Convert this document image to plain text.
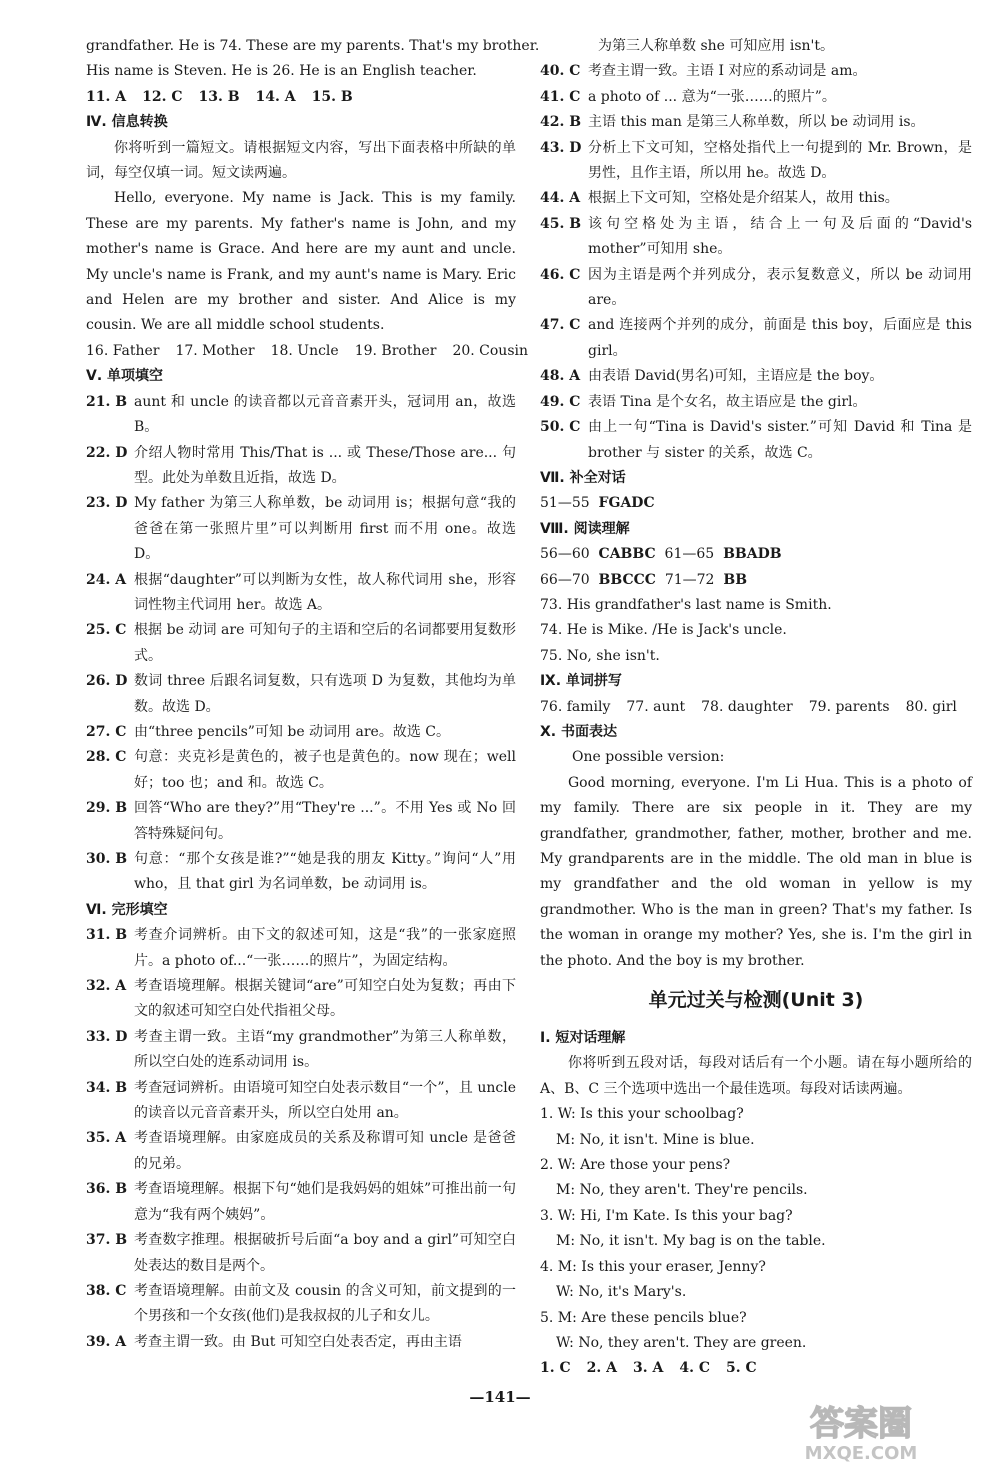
grandfather. He is 74. These are my parents. That's my brother.
His name is Steven. He is 26. He is an English teacher.
11. A 12. C 13. B 14. A 15. B
Ⅳ. 信息转换
你将听到一篇短文。请根据短文内容，写出下面表格中所缺的单词，每空仅填一词。短文读两遍。
Hello, everyone. My name is Jack. This is my family. These are my parents. My father's name is John, and my mother's name is Grace. And here are my aunt and uncle. My uncle's name is Frank, and my aunt's name is Mary. Eric and Helen are my brother and sister. And Alice is my cousin. We are all middle school students.
16. Father 17. Mother 18. Uncle 19. Brother 20. Cousin
Ⅴ. 单项填空
21. B aunt 和 uncle 的读音都以元音音素开头，冠词用 an，故选 B。
22. D 介绍人物时常用 This/That is ... 或 These/Those are... 句型。此处为单数且近指，故选 D。
23. D My father 为第三人称单数，be 动词用 is；根据句意“我的爸爸在第一张照片里”可以判断用 first 而不用 one。故选 D。
24. A 根据“daughter”可以判断为女性，故人称代词用 she，形容词性物主代词用 her。故选 A。
25. C 根据 be 动词 are 可知句子的主语和空后的名词都要用复数形式。
26. D 数词 three 后跟名词复数，只有选项 D 为复数，其他均为单数。故选 D。
27. C 由“three pencils”可知 be 动词用 are。故选 C。
28. C 句意：夹克衫是黄色的，被子也是黄色的。now 现在；well 好；too 也；and 和。故选 C。
29. B 回答“Who are they?”用“They're ...”。不用 Yes 或 No 回答特殊疑问句。
30. B 句意：“那个女孩是谁?”“她是我的朋友 Kitty。”询问“人”用 who，且 that girl 为名词单数，be 动词用 is。
Ⅵ. 完形填空
31. B 考查介词辨析。由下文的叙述可知，这是“我”的一张家庭照片。a photo of...“一张……的照片”，为固定结构。
32. A 考查语境理解。根据关键词“are”可知空白处为复数；再由下文的叙述可知空白处代指祖父母。
33. D 考查主谓一致。主语“my grandmother”为第三人称单数，所以空白处的连系动词用 is。
34. B 考查冠词辨析。由语境可知空白处表示数目“一个”，且 uncle 的读音以元音音素开头，所以空白处用 an。
35. A 考查语境理解。由家庭成员的关系及称谓可知 uncle 是爸爸的兄弟。
36. B 考查语境理解。根据下句“她们是我妈妈的姐妹”可推出前一句意为“我有两个姨妈”。
37. B 考查数字推理。根据破折号后面“a boy and a girl”可知空白处表达的数目是两个。
38. C 考查语境理解。由前文及 cousin 的含义可知，前文提到的一个男孩和一个女孩(他们)是我叔叔的儿子和女儿。
39. A 考查主谓一致。由 But 可知空白处表否定，再由主语
为第三人称单数 she 可知应用 isn't。
40. C 考查主谓一致。主语 I 对应的系动词是 am。
41. C a photo of ... 意为“一张……的照片”。
42. B 主语 this man 是第三人称单数，所以 be 动词用 is。
43. D 分析上下文可知，空格处指代上一句提到的 Mr. Brown，是男性，且作主语，所以用 he。故选 D。
44. A 根据上下文可知，空格处是介绍某人，故用 this。
45. B 该句空格处为主语，结合上一句及后面的“David's mother”可知用 she。
46. C 因为主语是两个并列成分，表示复数意义，所以 be 动词用 are。
47. C and 连接两个并列的成分，前面是 this boy，后面应是 this girl。
48. A 由表语 David(男名)可知，主语应是 the boy。
49. C 表语 Tina 是个女名，故主语应是 the girl。
50. C 由上一句“Tina is David's sister.”可知 David 和 Tina 是 brother 与 sister 的关系，故选 C。
Ⅶ. 补全对话
51—55 FGADC
Ⅷ. 阅读理解
56—60 CABBC 61—65 BBADB
66—70 BBCCC 71—72 BB
73. His grandfather's last name is Smith.
74. He is Mike. /He is Jack's uncle.
75. No, she isn't.
Ⅸ. 单词拼写
76. family 77. aunt 78. daughter 79. parents 80. girl
Ⅹ. 书面表达
One possible version:
Good morning, everyone. I'm Li Hua. This is a photo of my family. There are six people in it. They are my grandfather, grandmother, father, mother, brother and me. My grandparents are in the middle. The old man in blue is my grandfather and the old woman in yellow is my grandmother. Who is the man in green? That's my father. Is the woman in orange my mother? Yes, she is. I'm the girl in the photo. And the boy is my brother.
单元过关与检测(Unit 3)
Ⅰ. 短对话理解
你将听到五段对话，每段对话后有一个小题。请在每小题所给的 A、B、C 三个选项中选出一个最佳选项。每段对话读两遍。
1. W: Is this your schoolbag?
M: No, it isn't. Mine is blue.
2. W: Are those your pens?
M: No, they aren't. They're pencils.
3. W: Hi, I'm Kate. Is this your bag?
M: No, it isn't. My bag is on the table.
4. M: Is this your eraser, Jenny?
W: No, it's Mary's.
5. M: Are these pencils blue?
W: No, they aren't. They are green.
1. C 2. A 3. A 4. C 5. C
—141—
答案圈
MXQE.COM
